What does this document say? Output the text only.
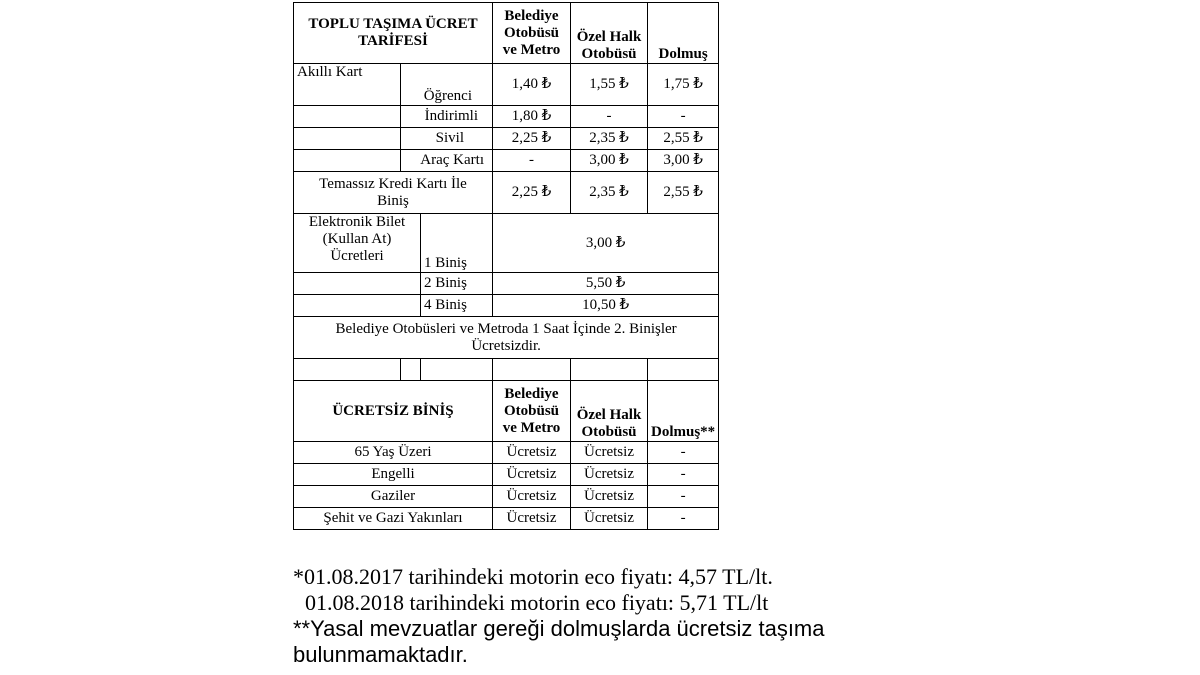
TOPLU TAŞIMA ÜCRET TARİFESİ			Belediye Otobüsü ve Metro	Özel Halk Otobüsü	Dolmuş
Akıllı Kart	Öğrenci		1,40 ₺	1,55 ₺	1,75 ₺
	İndirimli		1,80 ₺	-	-
	Sivil		2,25 ₺	2,35 ₺	2,55 ₺
	Araç Kartı		-	3,00 ₺	3,00 ₺
Temassız Kredi Kartı İle Biniş			2,25 ₺	2,35 ₺	2,55 ₺
Elektronik Bilet (Kullan At) Ücretleri		1 Biniş	3,00 ₺		
		2 Biniş	5,50 ₺		
		4 Biniş	10,50 ₺		
Belediye Otobüsleri ve Metroda 1 Saat İçinde 2. Binişler Ücretsizdir.					

ÜCRETSİZ BİNİŞ			Belediye Otobüsü ve Metro	Özel Halk Otobüsü	Dolmuş**
65 Yaş Üzeri			Ücretsiz	Ücretsiz	-
Engelli			Ücretsiz	Ücretsiz	-
Gaziler			Ücretsiz	Ücretsiz	-
Şehit ve Gazi Yakınları			Ücretsiz	Ücretsiz	-
*01.08.2017 tarihindeki motorin eco fiyatı: 4,57 TL/lt.
01.08.2018 tarihindeki motorin eco fiyatı: 5,71 TL/lt
**Yasal mevzuatlar gereği dolmuşlarda ücretsiz taşıma
bulunmamaktadır.
